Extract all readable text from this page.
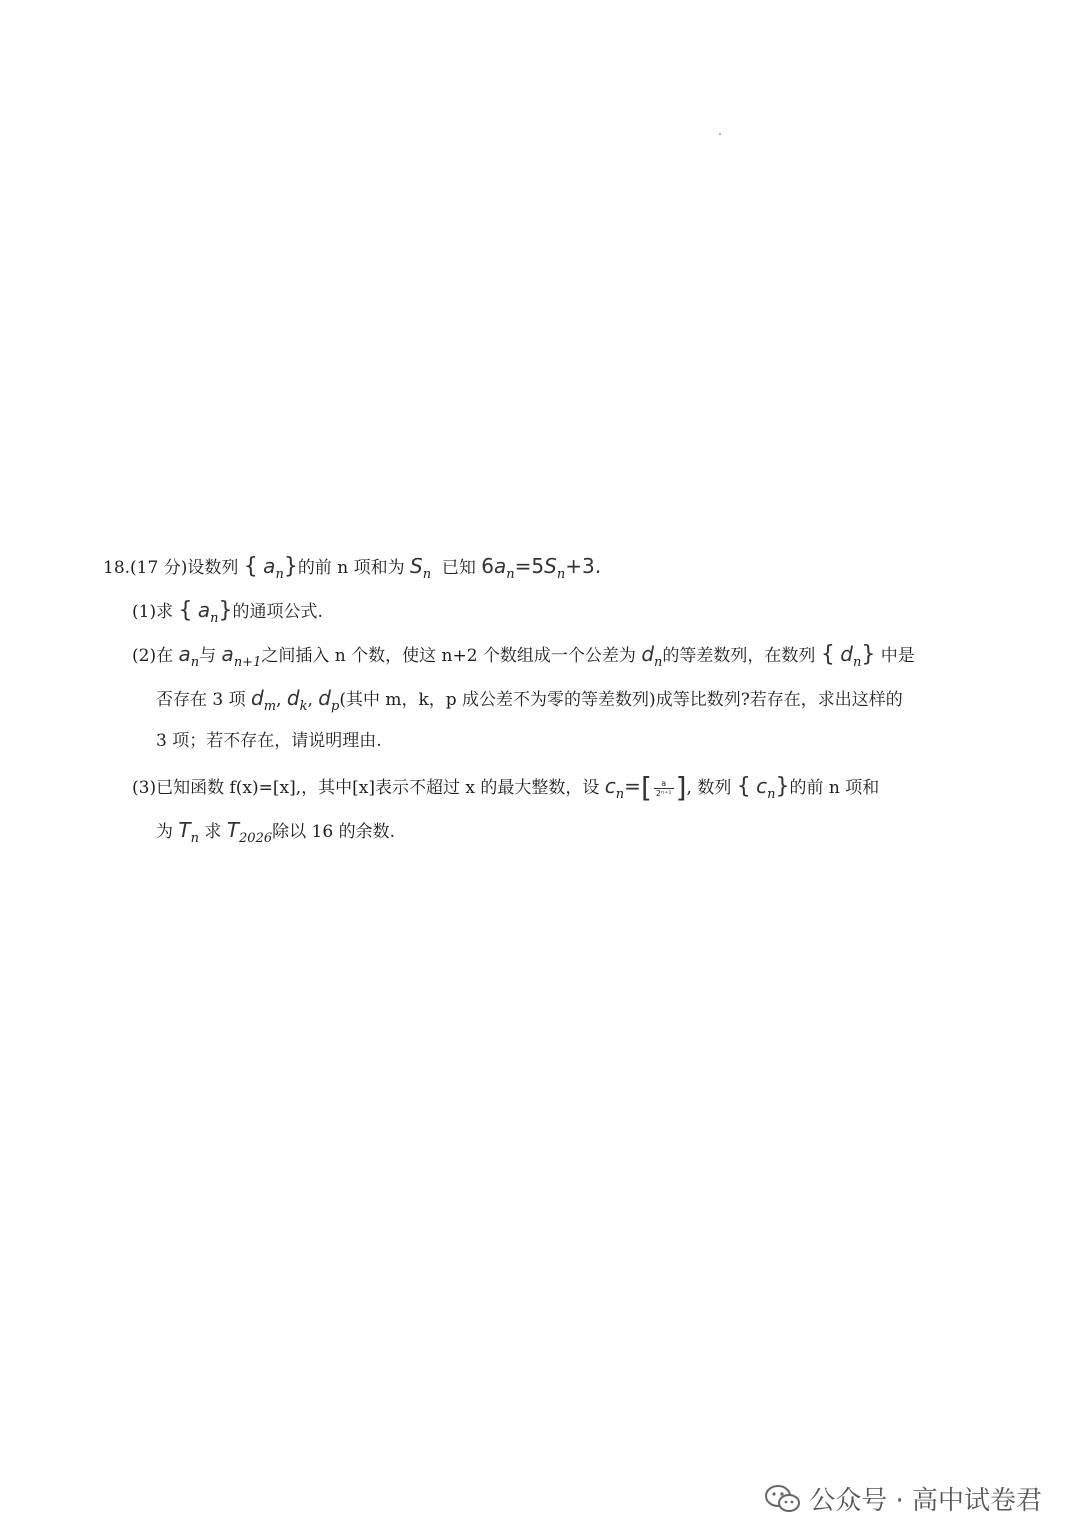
18.(17 分)设数列 { $a_n$}的前 n 项和为 $S_n$ 已知 $6a_n=5S_n+3$.
(1)求 { $a_n$}的通项公式.
(2)在 $a_n$与 $a_{n+1}$之间插入 n 个数，使这 n+2 个数组成一个公差为 $d_n$的等差数列，在数列 { $d_n$} 中是
否存在 3 项 $d_m$, $d_k$, $d_p$(其中 m，k，p 成公差不为零的等差数列)成等比数列?若存在，求出这样的
3 项；若不存在，请说明理由.
(3)已知函数 f(x)=[x],，其中[x]表示不超过 x 的最大整数，设 $c_n=[ \frac{a}{\text{2ⁿ⁺¹}}$ ], 数列 { $c_n$}的前 n 项和
为 $T_n$ 求 $T_{2026}$除以 16 的余数.
公众号 · 高中试卷君
